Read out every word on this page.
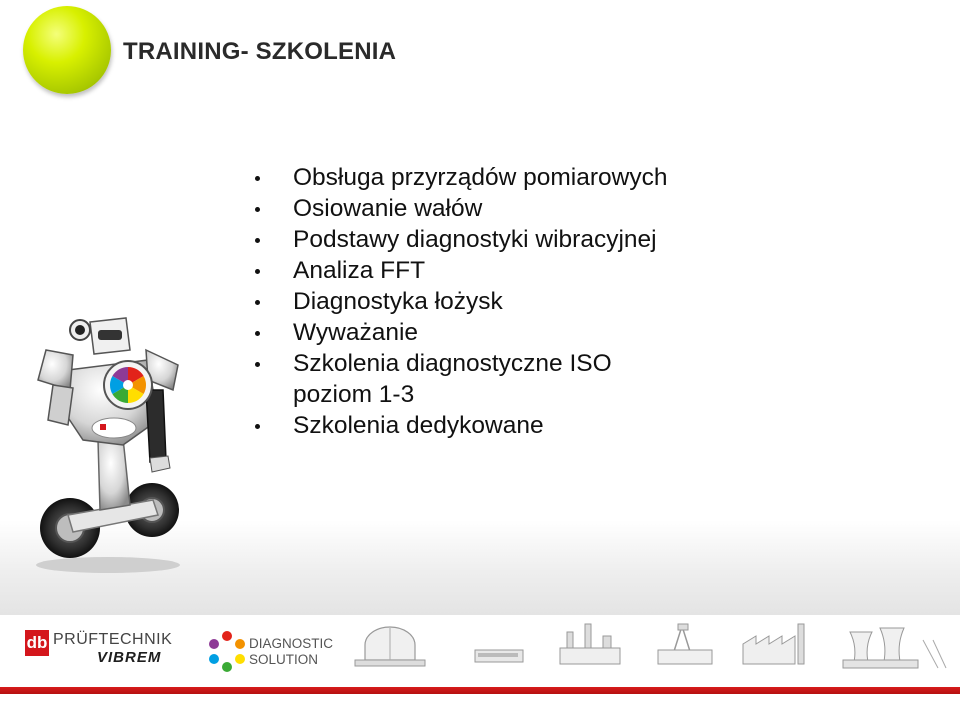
TRAINING- SZKOLENIA
Obsługa przyrządów pomiarowych
Osiowanie wałów
Podstawy diagnostyki wibracyjnej
Analiza FFT
Diagnostyka łożysk
Wyważanie
Szkolenia diagnostyczne ISO
poziom 1-3
Szkolenia dedykowane
db PRÜFTECHNIK
VIBREM
DIAGNOSTIC
SOLUTION
